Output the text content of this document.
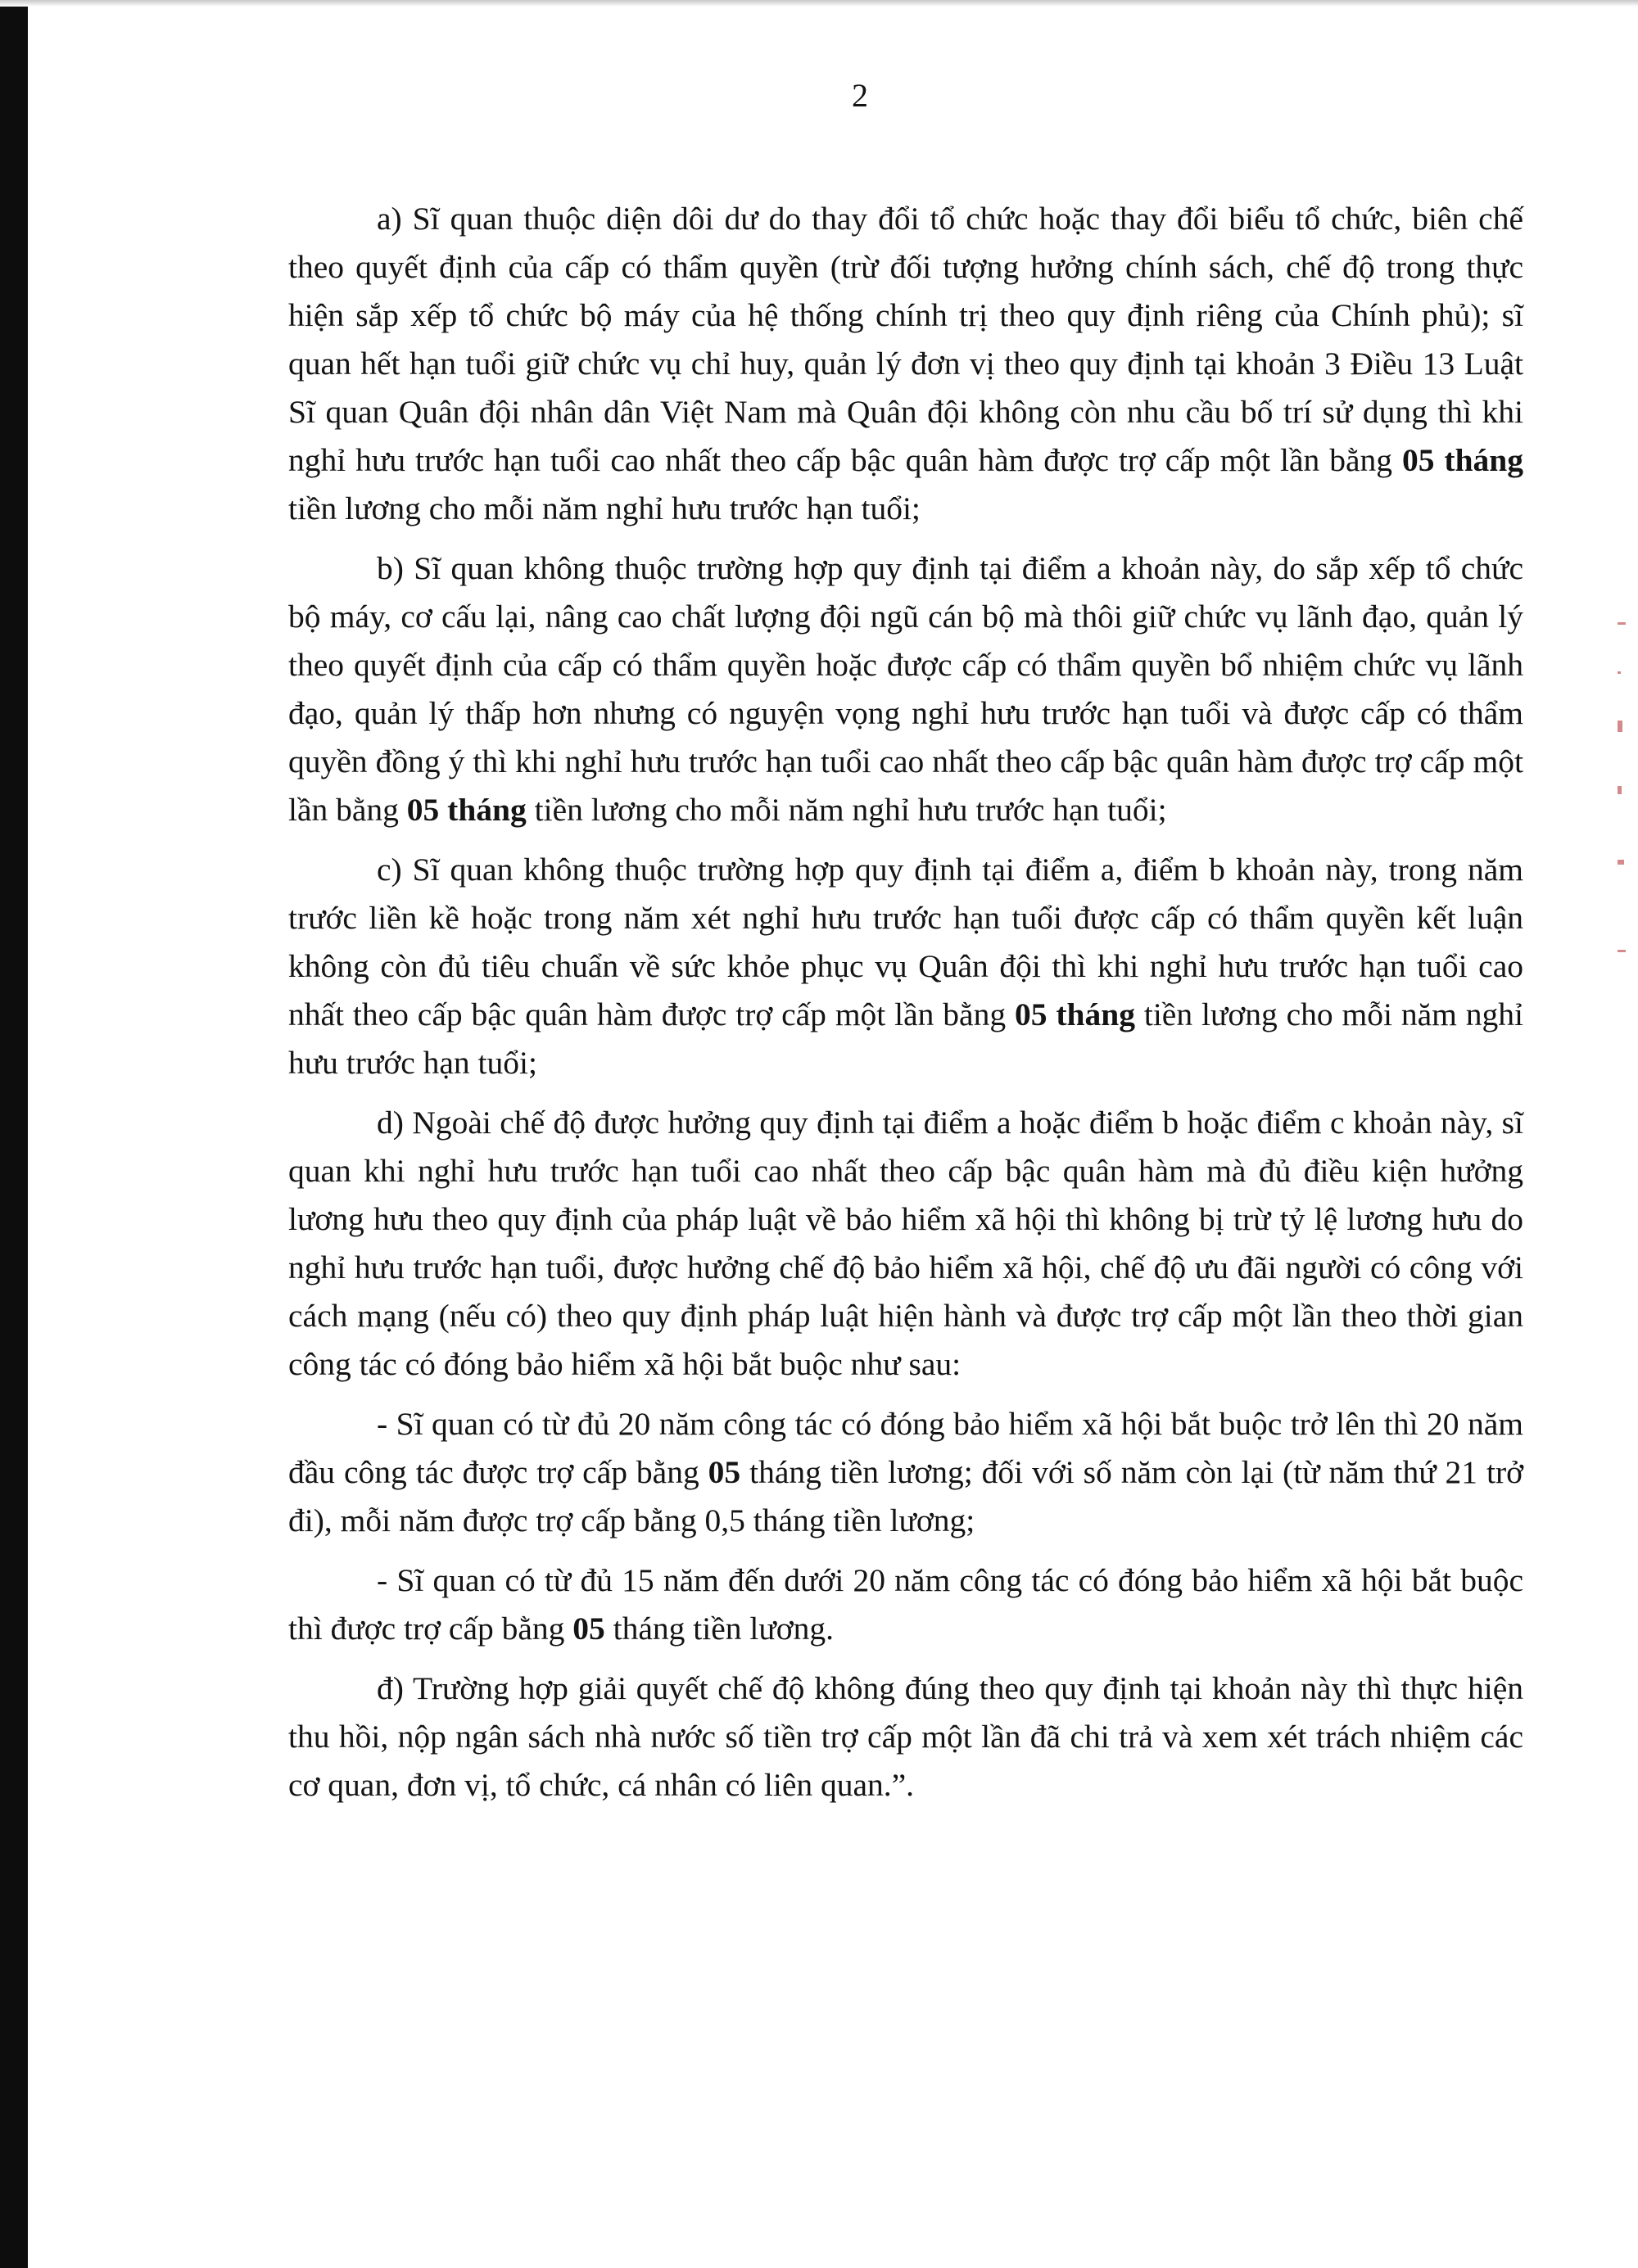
2

a) Sĩ quan thuộc diện dôi dư do thay đổi tổ chức hoặc thay đổi biểu tổ chức, biên chế theo quyết định của cấp có thẩm quyền (trừ đối tượng hưởng chính sách, chế độ trong thực hiện sắp xếp tổ chức bộ máy của hệ thống chính trị theo quy định riêng của Chính phủ); sĩ quan hết hạn tuổi giữ chức vụ chỉ huy, quản lý đơn vị theo quy định tại khoản 3 Điều 13 Luật Sĩ quan Quân đội nhân dân Việt Nam mà Quân đội không còn nhu cầu bố trí sử dụng thì khi nghỉ hưu trước hạn tuổi cao nhất theo cấp bậc quân hàm được trợ cấp một lần bằng 05 tháng tiền lương cho mỗi năm nghỉ hưu trước hạn tuổi;

b) Sĩ quan không thuộc trường hợp quy định tại điểm a khoản này, do sắp xếp tổ chức bộ máy, cơ cấu lại, nâng cao chất lượng đội ngũ cán bộ mà thôi giữ chức vụ lãnh đạo, quản lý theo quyết định của cấp có thẩm quyền hoặc được cấp có thẩm quyền bổ nhiệm chức vụ lãnh đạo, quản lý thấp hơn nhưng có nguyện vọng nghỉ hưu trước hạn tuổi và được cấp có thẩm quyền đồng ý thì khi nghỉ hưu trước hạn tuổi cao nhất theo cấp bậc quân hàm được trợ cấp một lần bằng 05 tháng tiền lương cho mỗi năm nghỉ hưu trước hạn tuổi;

c) Sĩ quan không thuộc trường hợp quy định tại điểm a, điểm b khoản này, trong năm trước liền kề hoặc trong năm xét nghỉ hưu trước hạn tuổi được cấp có thẩm quyền kết luận không còn đủ tiêu chuẩn về sức khỏe phục vụ Quân đội thì khi nghỉ hưu trước hạn tuổi cao nhất theo cấp bậc quân hàm được trợ cấp một lần bằng 05 tháng tiền lương cho mỗi năm nghỉ hưu trước hạn tuổi;

d) Ngoài chế độ được hưởng quy định tại điểm a hoặc điểm b hoặc điểm c khoản này, sĩ quan khi nghỉ hưu trước hạn tuổi cao nhất theo cấp bậc quân hàm mà đủ điều kiện hưởng lương hưu theo quy định của pháp luật về bảo hiểm xã hội thì không bị trừ tỷ lệ lương hưu do nghỉ hưu trước hạn tuổi, được hưởng chế độ bảo hiểm xã hội, chế độ ưu đãi người có công với cách mạng (nếu có) theo quy định pháp luật hiện hành và được trợ cấp một lần theo thời gian công tác có đóng bảo hiểm xã hội bắt buộc như sau:

- Sĩ quan có từ đủ 20 năm công tác có đóng bảo hiểm xã hội bắt buộc trở lên thì 20 năm đầu công tác được trợ cấp bằng 05 tháng tiền lương; đối với số năm còn lại (từ năm thứ 21 trở đi), mỗi năm được trợ cấp bằng 0,5 tháng tiền lương;

- Sĩ quan có từ đủ 15 năm đến dưới 20 năm công tác có đóng bảo hiểm xã hội bắt buộc thì được trợ cấp bằng 05 tháng tiền lương.

đ) Trường hợp giải quyết chế độ không đúng theo quy định tại khoản này thì thực hiện thu hồi, nộp ngân sách nhà nước số tiền trợ cấp một lần đã chi trả và xem xét trách nhiệm các cơ quan, đơn vị, tổ chức, cá nhân có liên quan.”.
